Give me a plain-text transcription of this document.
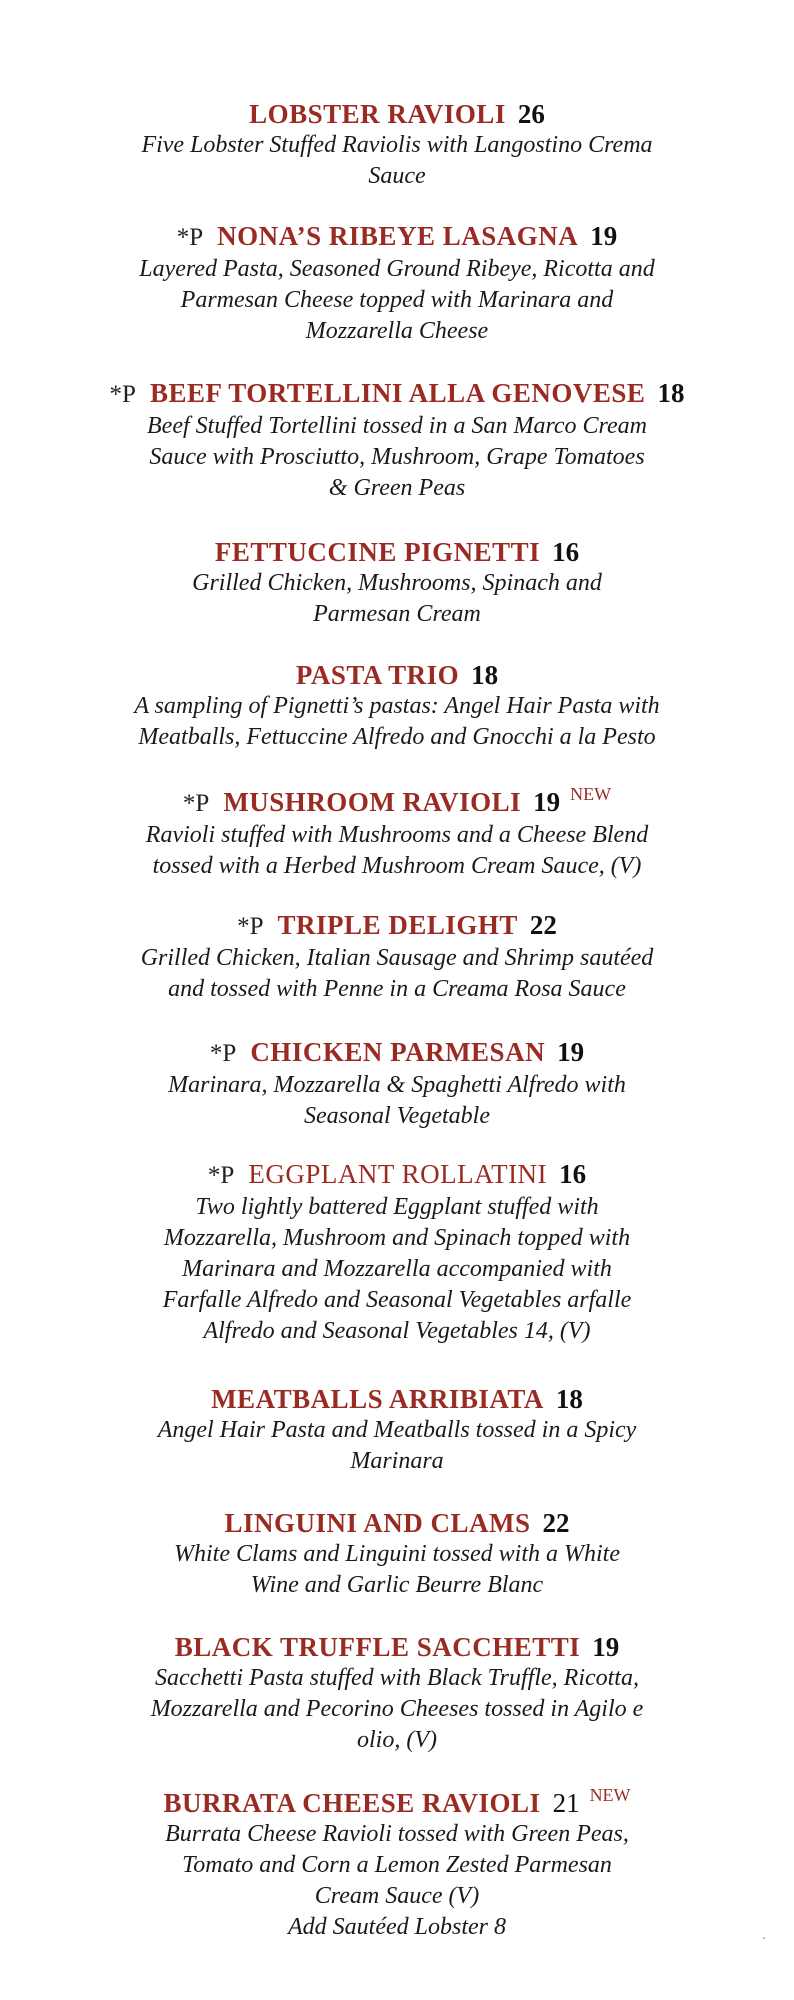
LOBSTER RAVIOLI 26
Five Lobster Stuffed Raviolis with Langostino Crema
Sauce
*P NONA’S RIBEYE LASAGNA 19
Layered Pasta, Seasoned Ground Ribeye, Ricotta and
Parmesan Cheese topped with Marinara and
Mozzarella Cheese
*P BEEF TORTELLINI ALLA GENOVESE 18
Beef Stuffed Tortellini tossed in a San Marco Cream
Sauce with Prosciutto, Mushroom, Grape Tomatoes
& Green Peas
FETTUCCINE PIGNETTI 16
Grilled Chicken, Mushrooms, Spinach and
Parmesan Cream
PASTA TRIO 18
A sampling of Pignetti’s pastas: Angel Hair Pasta with
Meatballs, Fettuccine Alfredo and Gnocchi a la Pesto
*P MUSHROOM RAVIOLI 19 $^{NEW}$
Ravioli stuffed with Mushrooms and a Cheese Blend
tossed with a Herbed Mushroom Cream Sauce, (V)
*P TRIPLE DELIGHT 22
Grilled Chicken, Italian Sausage and Shrimp sautéed
and tossed with Penne in a Creama Rosa Sauce
*P CHICKEN PARMESAN 19
Marinara, Mozzarella & Spaghetti Alfredo with
Seasonal Vegetable
*P EGGPLANT ROLLATINI 16
Two lightly battered Eggplant stuffed with
Mozzarella, Mushroom and Spinach topped with
Marinara and Mozzarella accompanied with
Farfalle Alfredo and Seasonal Vegetables arfalle
Alfredo and Seasonal Vegetables 14, (V)
MEATBALLS ARRIBIATA 18
Angel Hair Pasta and Meatballs tossed in a Spicy
Marinara
LINGUINI AND CLAMS 22
White Clams and Linguini tossed with a White
Wine and Garlic Beurre Blanc
BLACK TRUFFLE SACCHETTI 19
Sacchetti Pasta stuffed with Black Truffle, Ricotta,
Mozzarella and Pecorino Cheeses tossed in Agilo e
olio, (V)
BURRATA CHEESE RAVIOLI 21 $^{NEW}$
Burrata Cheese Ravioli tossed with Green Peas,
Tomato and Corn a Lemon Zested Parmesan
Cream Sauce (V)
Add Sautéed Lobster 8
